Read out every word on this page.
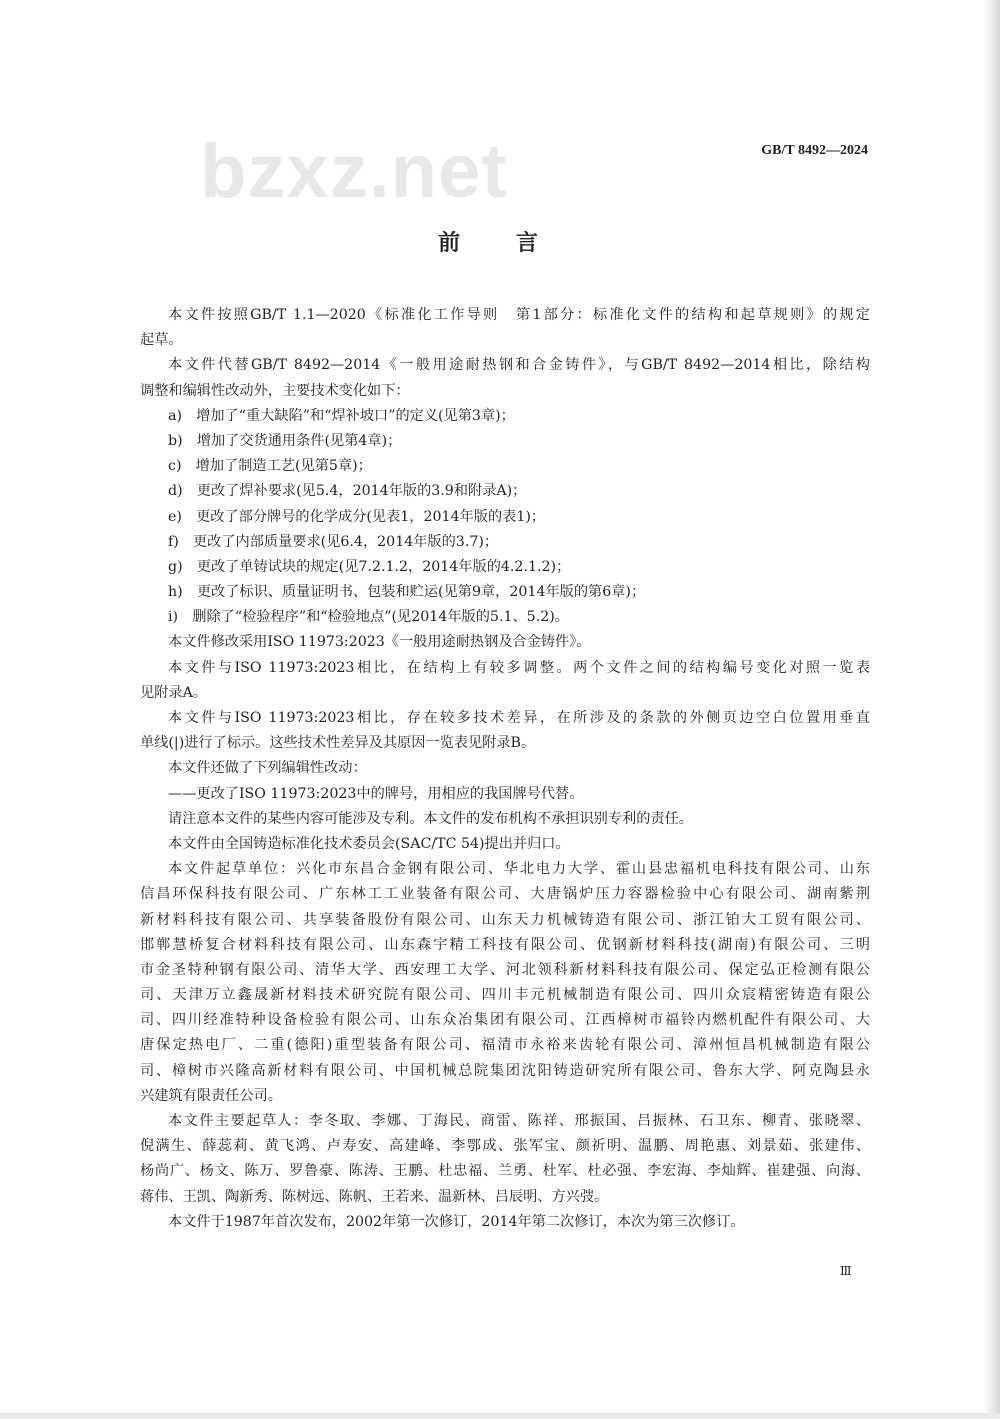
bzxz.net	GB/T 8492—2024
前 言
本文件按照GB/T 1.1—2020《标准化工作导则　第1部分：标准化文件的结构和起草规则》的规定
起草。
本文件代替GB/T 8492—2014《一般用途耐热钢和合金铸件》，与GB/T 8492—2014相比，除结构
调整和编辑性改动外，主要技术变化如下：
a)　增加了“重大缺陷”和“焊补坡口”的定义(见第3章)；
b)　增加了交货通用条件(见第4章)；
c)　增加了制造工艺(见第5章)；
d)　更改了焊补要求(见5.4，2014年版的3.9和附录A)；
e)　更改了部分牌号的化学成分(见表1，2014年版的表1)；
f)　更改了内部质量要求(见6.4，2014年版的3.7)；
g)　更改了单铸试块的规定(见7.2.1.2，2014年版的4.2.1.2)；
h)　更改了标识、质量证明书、包装和贮运(见第9章，2014年版的第6章)；
i)　删除了“检验程序”和“检验地点”(见2014年版的5.1、5.2)。
本文件修改采用ISO 11973:2023《一般用途耐热钢及合金铸件》。
本文件与ISO 11973:2023相比，在结构上有较多调整。两个文件之间的结构编号变化对照一览表
见附录A。
本文件与ISO 11973:2023相比，存在较多技术差异，在所涉及的条款的外侧页边空白位置用垂直
单线(|)进行了标示。这些技术性差异及其原因一览表见附录B。
本文件还做了下列编辑性改动：
——更改了ISO 11973:2023中的牌号，用相应的我国牌号代替。
请注意本文件的某些内容可能涉及专利。本文件的发布机构不承担识别专利的责任。
本文件由全国铸造标准化技术委员会(SAC/TC 54)提出并归口。
本文件起草单位：兴化市东昌合金钢有限公司、华北电力大学、霍山县忠福机电科技有限公司、山东
信昌环保科技有限公司、广东林工工业装备有限公司、大唐锅炉压力容器检验中心有限公司、湖南紫荆
新材料科技有限公司、共享装备股份有限公司、山东天力机械铸造有限公司、浙江铂大工贸有限公司、
邯郸慧桥复合材料科技有限公司、山东森宇精工科技有限公司、优钢新材料科技(湖南)有限公司、三明
市金圣特种钢有限公司、清华大学、西安理工大学、河北领科新材料科技有限公司、保定弘正检测有限公
司、天津万立鑫晟新材料技术研究院有限公司、四川丰元机械制造有限公司、四川众宸精密铸造有限公
司、四川经准特种设备检验有限公司、山东众冶集团有限公司、江西樟树市福铃内燃机配件有限公司、大
唐保定热电厂、二重(德阳)重型装备有限公司、福清市永裕来齿轮有限公司、漳州恒昌机械制造有限公
司、樟树市兴隆高新材料有限公司、中国机械总院集团沈阳铸造研究所有限公司、鲁东大学、阿克陶县永
兴建筑有限责任公司。
本文件主要起草人：李冬取、李娜、丁海民、商雷、陈祥、邢振国、吕振林、石卫东、柳青、张晓翠、
倪满生、薛蕊莉、黄飞鸿、卢寿安、高建峰、李鄂成、张军宝、颜祈明、温鹏、周艳惠、刘景茹、张建伟、
杨尚广、杨文、陈万、罗鲁豪、陈涛、王鹏、杜忠福、兰勇、杜军、杜必强、李宏海、李灿辉、崔建强、向海、
蒋伟、王凯、陶新秀、陈树远、陈帆、王若来、温新林、吕辰明、方兴弢。
本文件于1987年首次发布，2002年第一次修订，2014年第二次修订，本次为第三次修订。
Ⅲ
